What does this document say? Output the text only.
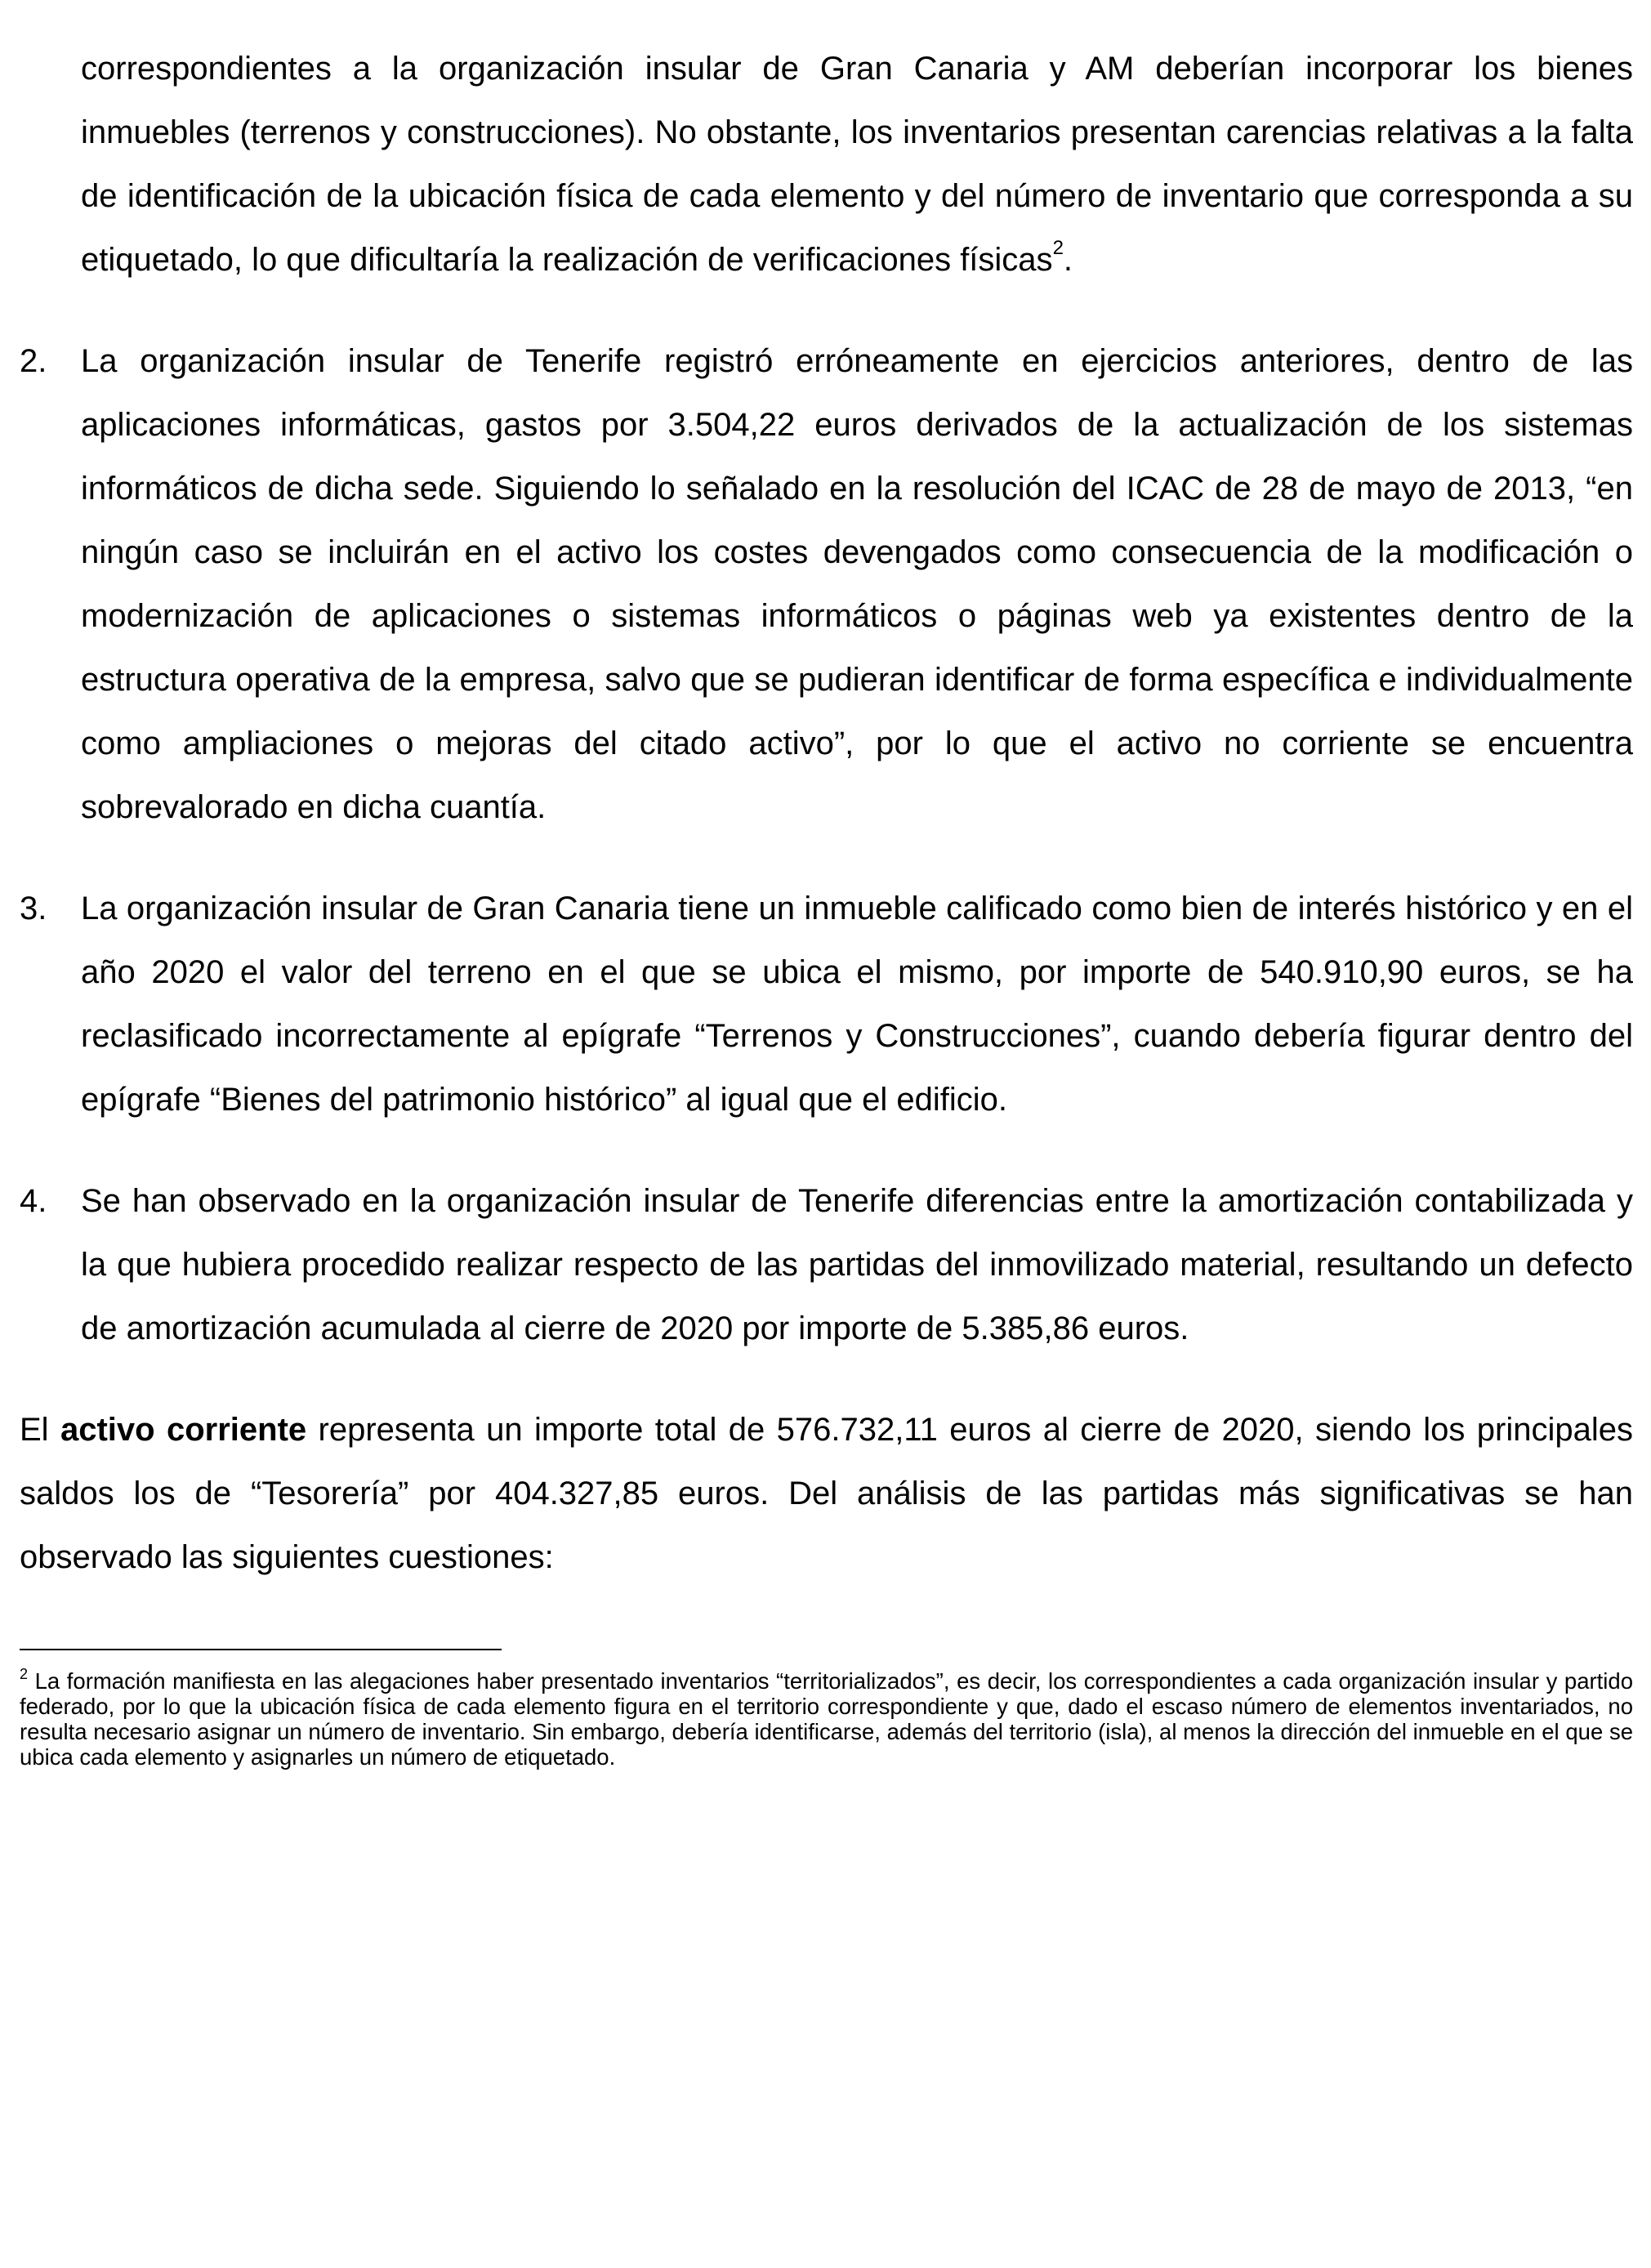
correspondientes a la organización insular de Gran Canaria y AM deberían incorporar los bienes inmuebles (terrenos y construcciones). No obstante, los inventarios presentan carencias relativas a la falta de identificación de la ubicación física de cada elemento y del número de inventario que corresponda a su etiquetado, lo que dificultaría la realización de verificaciones físicas$^2$.

2. La organización insular de Tenerife registró erróneamente en ejercicios anteriores, dentro de las aplicaciones informáticas, gastos por 3.504,22 euros derivados de la actualización de los sistemas informáticos de dicha sede. Siguiendo lo señalado en la resolución del ICAC de 28 de mayo de 2013, “en ningún caso se incluirán en el activo los costes devengados como consecuencia de la modificación o modernización de aplicaciones o sistemas informáticos o páginas web ya existentes dentro de la estructura operativa de la empresa, salvo que se pudieran identificar de forma específica e individualmente como ampliaciones o mejoras del citado activo”, por lo que el activo no corriente se encuentra sobrevalorado en dicha cuantía.

3. La organización insular de Gran Canaria tiene un inmueble calificado como bien de interés histórico y en el año 2020 el valor del terreno en el que se ubica el mismo, por importe de 540.910,90 euros, se ha reclasificado incorrectamente al epígrafe “Terrenos y Construcciones”, cuando debería figurar dentro del epígrafe “Bienes del patrimonio histórico” al igual que el edificio.

4. Se han observado en la organización insular de Tenerife diferencias entre la amortización contabilizada y la que hubiera procedido realizar respecto de las partidas del inmovilizado material, resultando un defecto de amortización acumulada al cierre de 2020 por importe de 5.385,86 euros.

El activo corriente representa un importe total de 576.732,11 euros al cierre de 2020, siendo los principales saldos los de “Tesorería” por 404.327,85 euros. Del análisis de las partidas más significativas se han observado las siguientes cuestiones:

$^2$ La formación manifiesta en las alegaciones haber presentado inventarios “territorializados”, es decir, los correspondientes a cada organización insular y partido federado, por lo que la ubicación física de cada elemento figura en el territorio correspondiente y que, dado el escaso número de elementos inventariados, no resulta necesario asignar un número de inventario. Sin embargo, debería identificarse, además del territorio (isla), al menos la dirección del inmueble en el que se ubica cada elemento y asignarles un número de etiquetado.
